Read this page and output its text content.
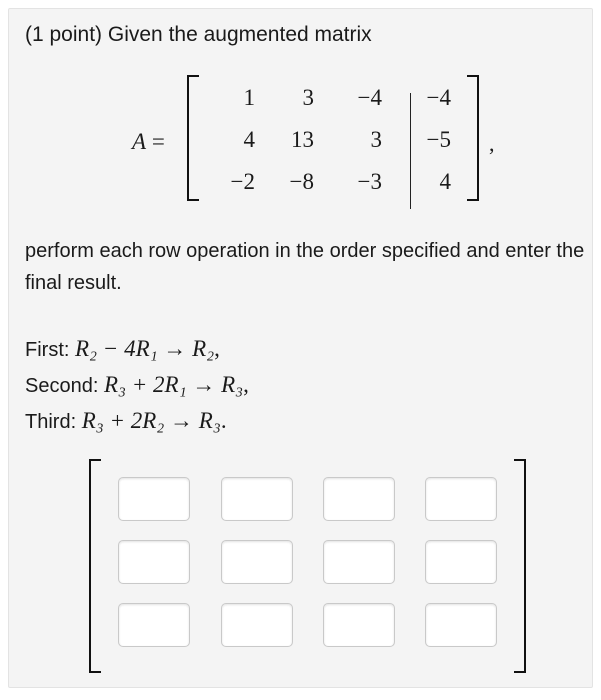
(1 point) Given the augmented matrix
A =
1	3	−4	−4
4	13	3	−5
−2	−8	−3	4
,
perform each row operation in the order specified and enter the final result.
First: R₂ − 4R₁ → R₂,
Second: R₃ + 2R₁ → R₃,
Third: R₃ + 2R₂ → R₃.
